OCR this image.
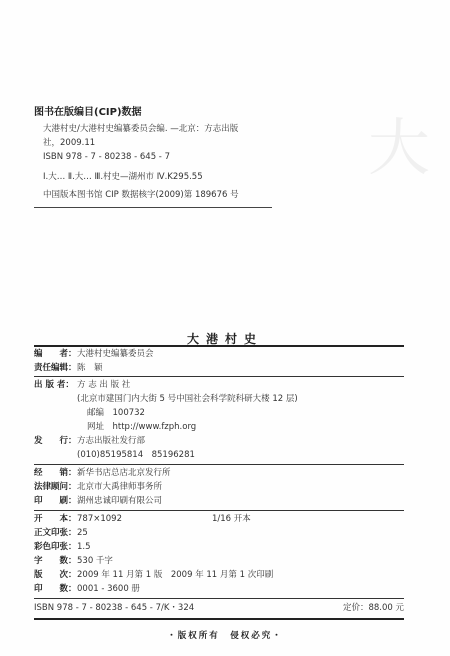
大
图书在版编目(CIP)数据
大港村史/大港村史编纂委员会编. —北京：方志出版
社，2009.11
ISBN 978 - 7 - 80238 - 645 - 7
Ⅰ.大… Ⅱ.大… Ⅲ.村史—湖州市 Ⅳ.K295.55
中国版本图书馆 CIP 数据核字(2009)第 189676 号
大港村史
编　　者： 大港村史编纂委员会
责任编辑： 陈　颖
出 版 者： 方 志 出 版 社
(北京市建国门内大街 5 号中国社会科学院科研大楼 12 层)
邮编　100732
网址　http://www.fzph.org
发　　行： 方志出版社发行部
(010)85195814　85196281
经　　销： 新华书店总店北京发行所
法律顾问： 北京市大禹律师事务所
印　　刷： 湖州忠诚印刷有限公司
开　　本： 787×1092	1/16 开本
正文印张： 25
彩色印张： 1.5
字　　数： 530 千字
版　　次： 2009 年 11 月第 1 版　2009 年 11 月第 1 次印刷
印　　数： 0001 - 3600 册
ISBN 978 - 7 - 80238 - 645 - 7/K・324	定价：88.00 元
・版权所有　侵权必究・
